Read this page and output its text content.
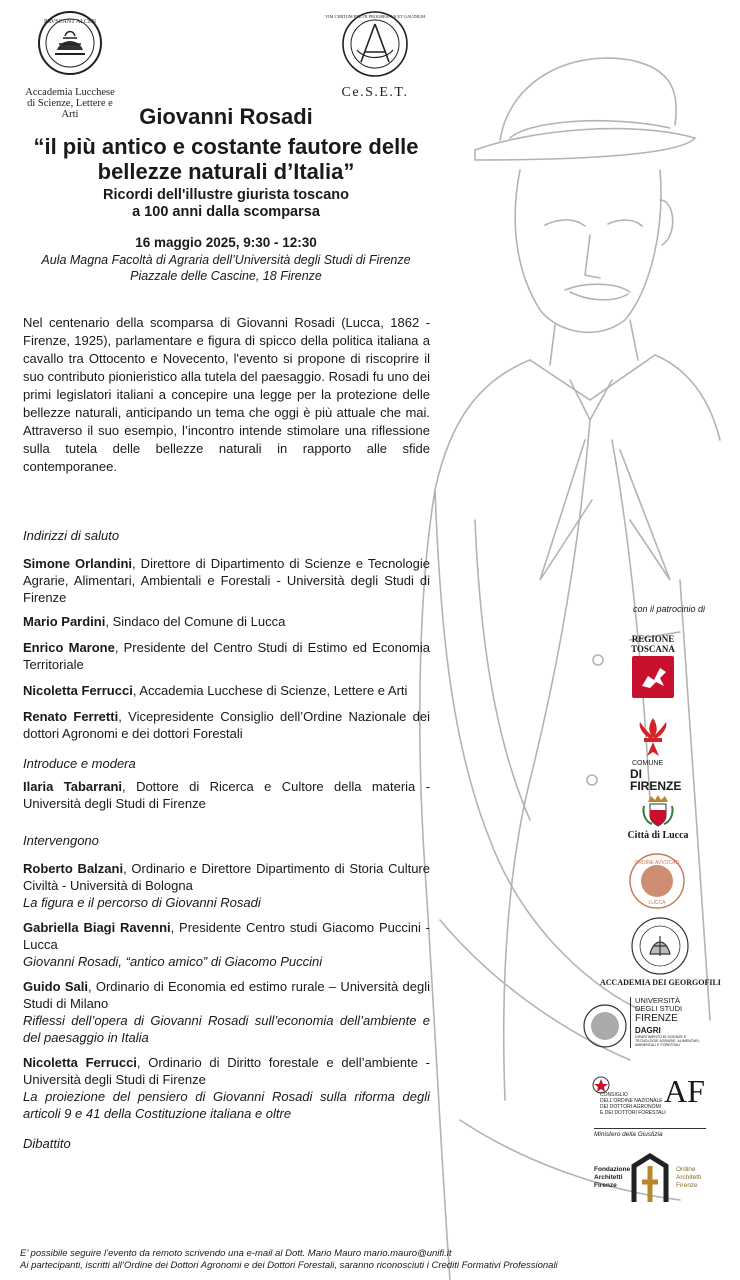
PRVSCANT ALCEN
Accademia Lucchese
di Scienze, Lettere e Arti
VIM CERTUM PRETII PROGRESSUS ET GAUDIUM
Ce.S.E.T.
Giovanni Rosadi
“il più antico e costante fautore delle bellezze naturali d’Italia”
Ricordi dell'illustre giurista toscano
a 100 anni dalla scomparsa
16 maggio 2025, 9:30 - 12:30
Aula Magna Facoltà di Agraria dell’Università degli Studi di Firenze
Piazzale delle Cascine, 18 Firenze
Nel centenario della scomparsa di Giovanni Rosadi (Lucca, 1862 - Firenze, 1925), parlamentare e figura di spicco della politica italiana a cavallo tra Ottocento e Novecento, l'evento si propone di riscoprire il suo contributo pionieristico alla tutela del paesaggio. Rosadi fu uno dei primi legislatori italiani a concepire una legge per la protezione delle bellezze naturali, anticipando un tema che oggi è più attuale che mai. Attraverso il suo esempio, l’incontro intende stimolare una riflessione sulla tutela delle bellezze naturali in rapporto alle sfide contemporanee.

Indirizzi di saluto

Simone Orlandini, Direttore di Dipartimento di Scienze e Tecnologie Agrarie, Alimentari, Ambientali e Forestali - Università degli Studi di Firenze

Mario Pardini, Sindaco del Comune di Lucca

Enrico Marone, Presidente del Centro Studi di Estimo ed Economia Territoriale

Nicoletta Ferrucci, Accademia Lucchese di Scienze, Lettere e Arti

Renato Ferretti, Vicepresidente Consiglio dell’Ordine Nazionale dei dottori Agronomi e dei dottori Forestali

Introduce e modera

Ilaria Tabarrani, Dottore di Ricerca e Cultore della materia - Università degli Studi di Firenze

Intervengono

Roberto Balzani, Ordinario e Direttore Dipartimento di Storia Culture Civiltà - Università di Bologna
La figura e il percorso di Giovanni Rosadi

Gabriella Biagi Ravenni, Presidente Centro studi Giacomo Puccini - Lucca
Giovanni Rosadi, “antico amico” di Giacomo Puccini

Guido Sali, Ordinario di Economia ed estimo rurale – Università degli Studi di Milano
Riflessi dell’opera di Giovanni Rosadi sull’economia dell’ambiente e del paesaggio in Italia

Nicoletta Ferrucci, Ordinario di Diritto forestale e dell’ambiente - Università degli Studi di Firenze
La proiezione del pensiero di Giovanni Rosadi sulla riforma degli articoli 9 e 41 della Costituzione italiana e oltre

Dibattito

E’ possibile seguire l’evento da remoto scrivendo una e-mail al Dott. Mario Mauro mario.mauro@unifi.it
Ai partecipanti, iscritti all’Ordine dei Dottori Agronomi e dei Dottori Forestali, saranno riconosciuti i Crediti Formativi Professionali
con il patrocinio di
REGIONE
TOSCANA
COMUNE
DI FIRENZE
Città di Lucca
ORDINE AVVOCATI
LUCCA
ACCADEMIA DEI GEORGOFILI
UNIVERSITÀ
DEGLI STUDI
FIRENZE
DAGRI
DIPARTIMENTO DI SCIENZE E TECNOLOGIE AGRARIE, ALIMENTARI, AMBIENTALI E FORESTALI
CONSIGLIO
DELL'ORDINE NAZIONALE
DEI DOTTORI AGRONOMI
E DEI DOTTORI FORESTALI
AF
Ministero della Giustizia
Fondazione
Architetti
Firenze
Ordine
Architetti
Firenze
